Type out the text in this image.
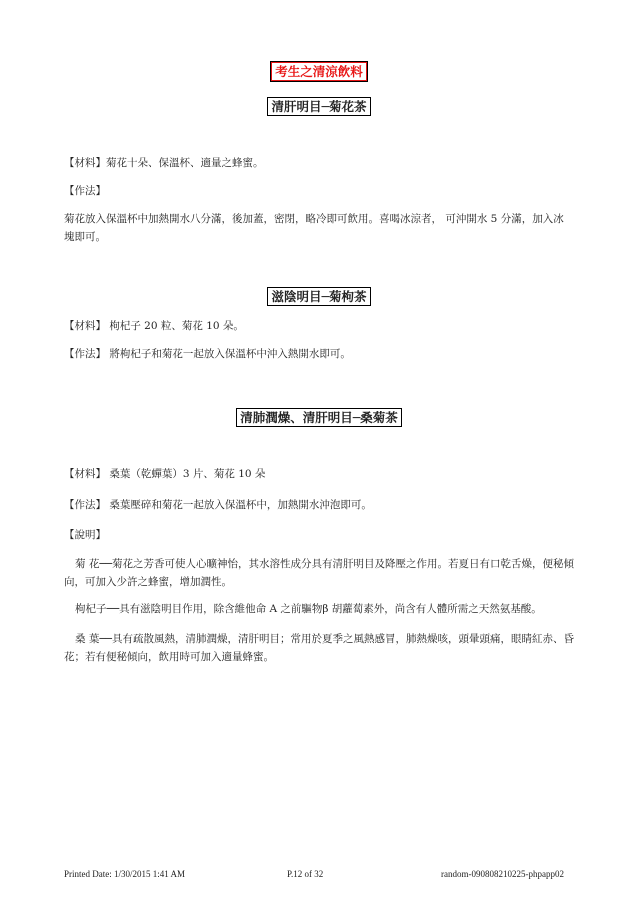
考生之清涼飲料
清肝明目─菊花茶
【材料】菊花十朵、保溫杯、適量之蜂蜜。
【作法】
菊花放入保溫杯中加熱開水八分滿，後加蓋，密閉，略冷即可飲用。喜喝冰涼者， 可沖開水 5 分滿，加入冰塊即可。
滋陰明目─菊枸茶
【材料】 枸杞子 20 粒、菊花 10 朵。
【作法】 將枸杞子和菊花一起放入保溫杯中沖入熱開水即可。
清肺潤燥、清肝明目─桑菊茶
【材料】 桑葉（乾蟬葉）3 片、菊花 10 朵
【作法】 桑葉壓碎和菊花一起放入保溫杯中，加熱開水沖泡即可。
【說明】
菊 花──菊花之芳香可使人心曠神怡，其水溶性成分具有清肝明目及降壓之作用。若夏日有口乾舌燥，便秘傾向，可加入少許之蜂蜜，增加潤性。
枸杞子──具有滋陰明目作用，除含維他命 A 之前驅物β 胡蘿蔔素外，尚含有人體所需之天然氨基酸。
桑 葉──具有疏散風熱，清肺潤燥，清肝明目；常用於夏季之風熱感冒，肺熱燥咳，頭暈頭痛，眼睛紅赤、昏花；若有便秘傾向，飲用時可加入適量蜂蜜。
Printed Date: 1/30/2015 1:41 AM	P.12 of 32	random-090808210225-phpapp02
